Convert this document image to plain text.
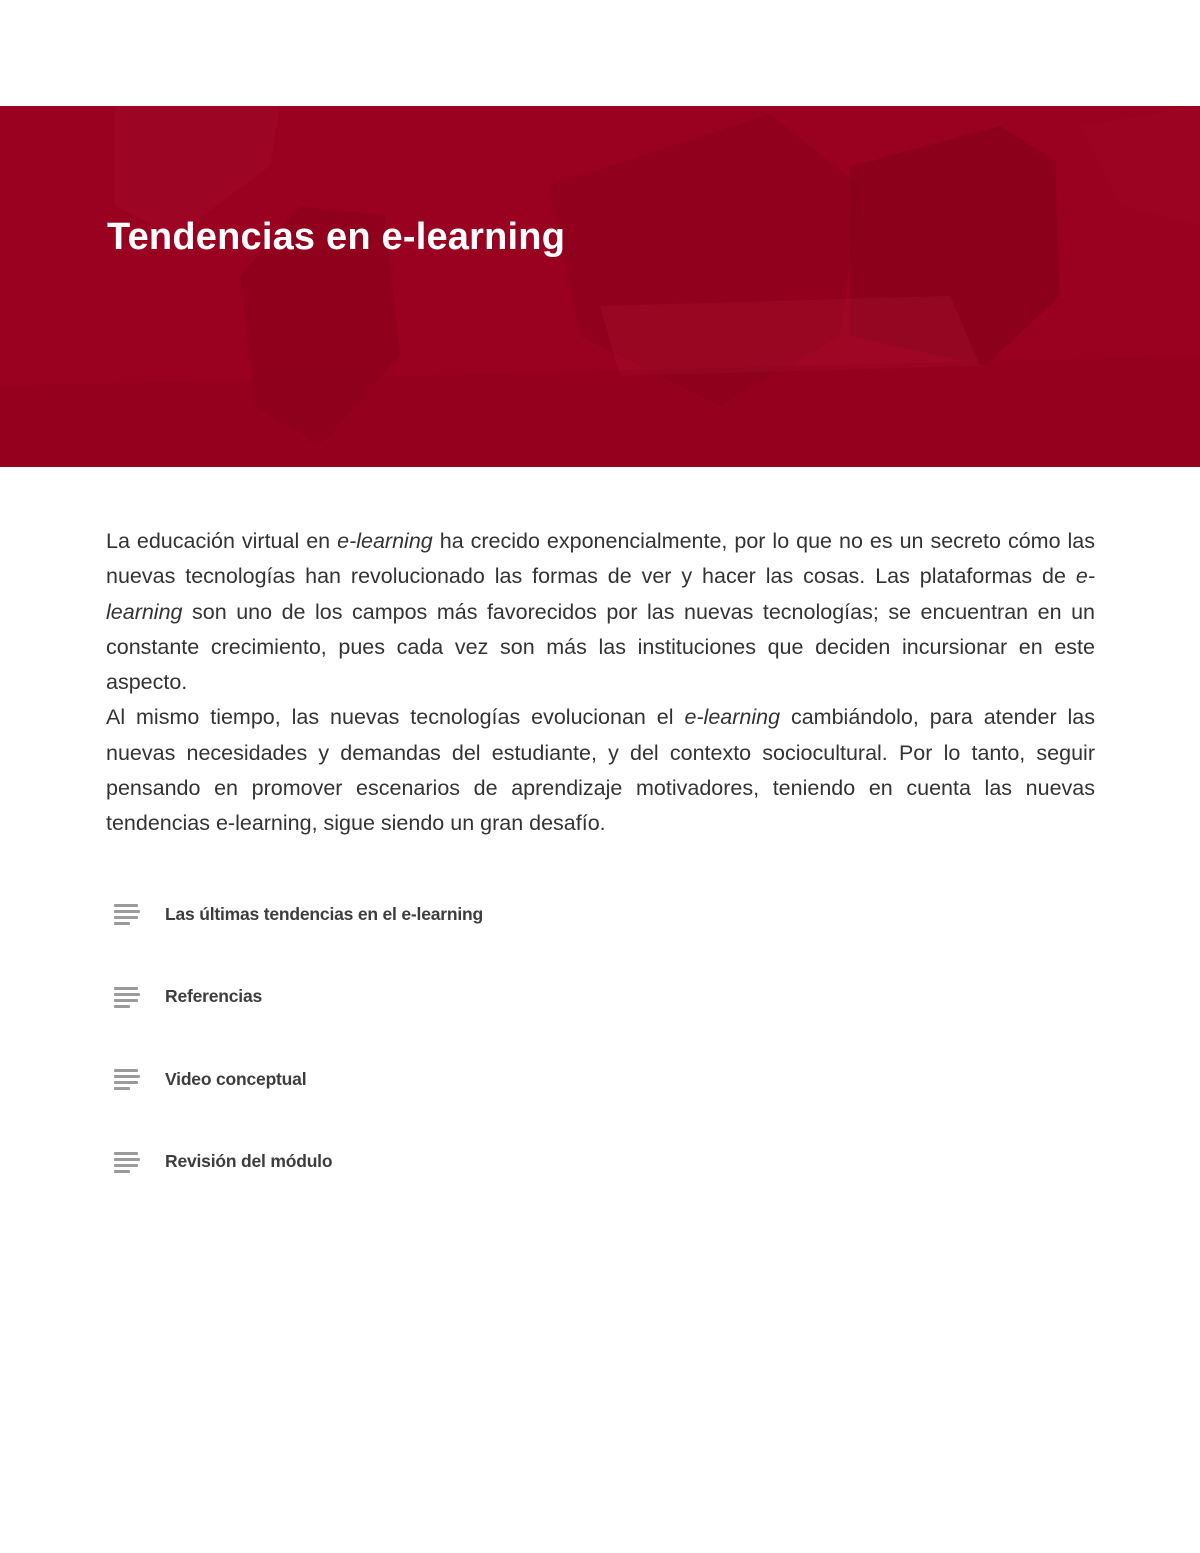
Tendencias en e-learning

La educación virtual en e-learning ha crecido exponencialmente, por lo que no es un secreto cómo las nuevas tecnologías han revolucionado las formas de ver y hacer las cosas. Las plataformas de e-learning son uno de los campos más favorecidos por las nuevas tecnologías; se encuentran en un constante crecimiento, pues cada vez son más las instituciones que deciden incursionar en este aspecto.

Al mismo tiempo, las nuevas tecnologías evolucionan el e-learning cambiándolo, para atender las nuevas necesidades y demandas del estudiante, y del contexto sociocultural. Por lo tanto, seguir pensando en promover escenarios de aprendizaje motivadores, teniendo en cuenta las nuevas tendencias e-learning, sigue siendo un gran desafío.

Las últimas tendencias en el e-learning
Referencias
Video conceptual
Revisión del módulo
